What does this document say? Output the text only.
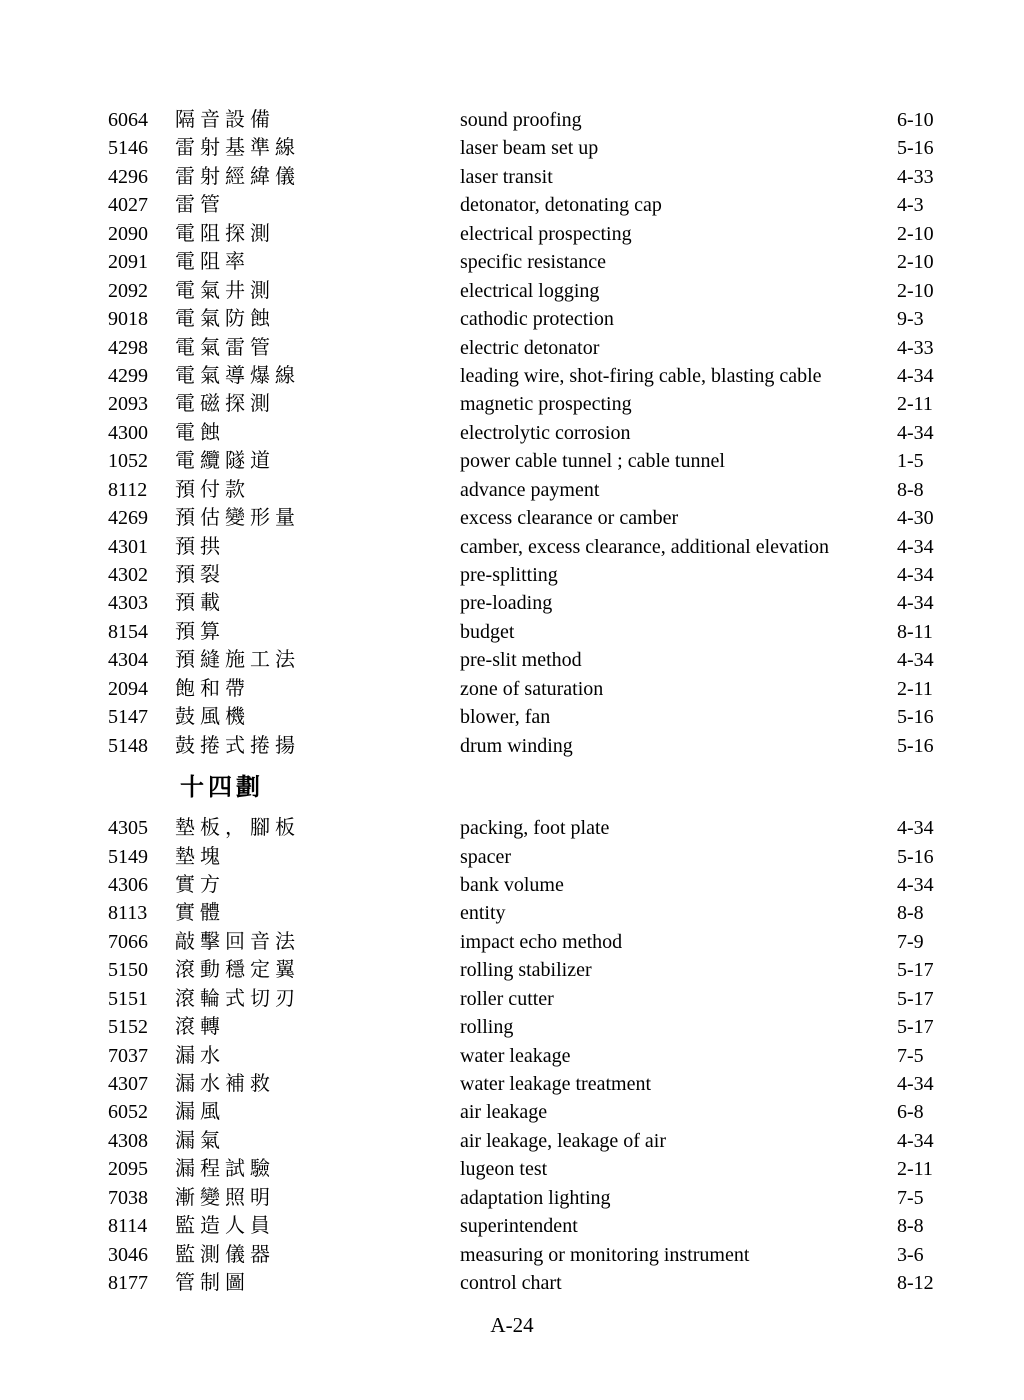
6064 隔音設備	sound proofing	6-10
5146 雷射基準線	laser beam set up	5-16
4296 雷射經緯儀	laser transit	4-33
4027 雷管	detonator, detonating cap	4-3
2090 電阻探測	electrical prospecting	2-10
2091 電阻率	specific resistance	2-10
2092 電氣井測	electrical logging	2-10
9018 電氣防蝕	cathodic protection	9-3
4298 電氣雷管	electric detonator	4-33
4299 電氣導爆線	leading wire, shot-firing cable, blasting cable	4-34
2093 電磁探測	magnetic prospecting	2-11
4300 電蝕	electrolytic corrosion	4-34
1052 電纜隧道	power cable tunnel ; cable tunnel	1-5
8112 預付款	advance payment	8-8
4269 預估變形量	excess clearance or camber	4-30
4301 預拱	camber, excess clearance, additional elevation	4-34
4302 預裂	pre-splitting	4-34
4303 預載	pre-loading	4-34
8154 預算	budget	8-11
4304 預縫施工法	pre-slit method	4-34
2094 飽和帶	zone of saturation	2-11
5147 鼓風機	blower, fan	5-16
5148 鼓捲式捲揚	drum winding	5-16
十四劃
4305 墊板，腳板	packing, foot plate	4-34
5149 墊塊	spacer	5-16
4306 實方	bank volume	4-34
8113 實體	entity	8-8
7066 敲擊回音法	impact echo method	7-9
5150 滾動穩定翼	rolling stabilizer	5-17
5151 滾輪式切刃	roller cutter	5-17
5152 滾轉	rolling	5-17
7037 漏水	water leakage	7-5
4307 漏水補救	water leakage treatment	4-34
6052 漏風	air leakage	6-8
4308 漏氣	air leakage, leakage of air	4-34
2095 漏程試驗	lugeon test	2-11
7038 漸變照明	adaptation lighting	7-5
8114 監造人員	superintendent	8-8
3046 監測儀器	measuring or monitoring instrument	3-6
8177 管制圖	control chart	8-12
A-24
